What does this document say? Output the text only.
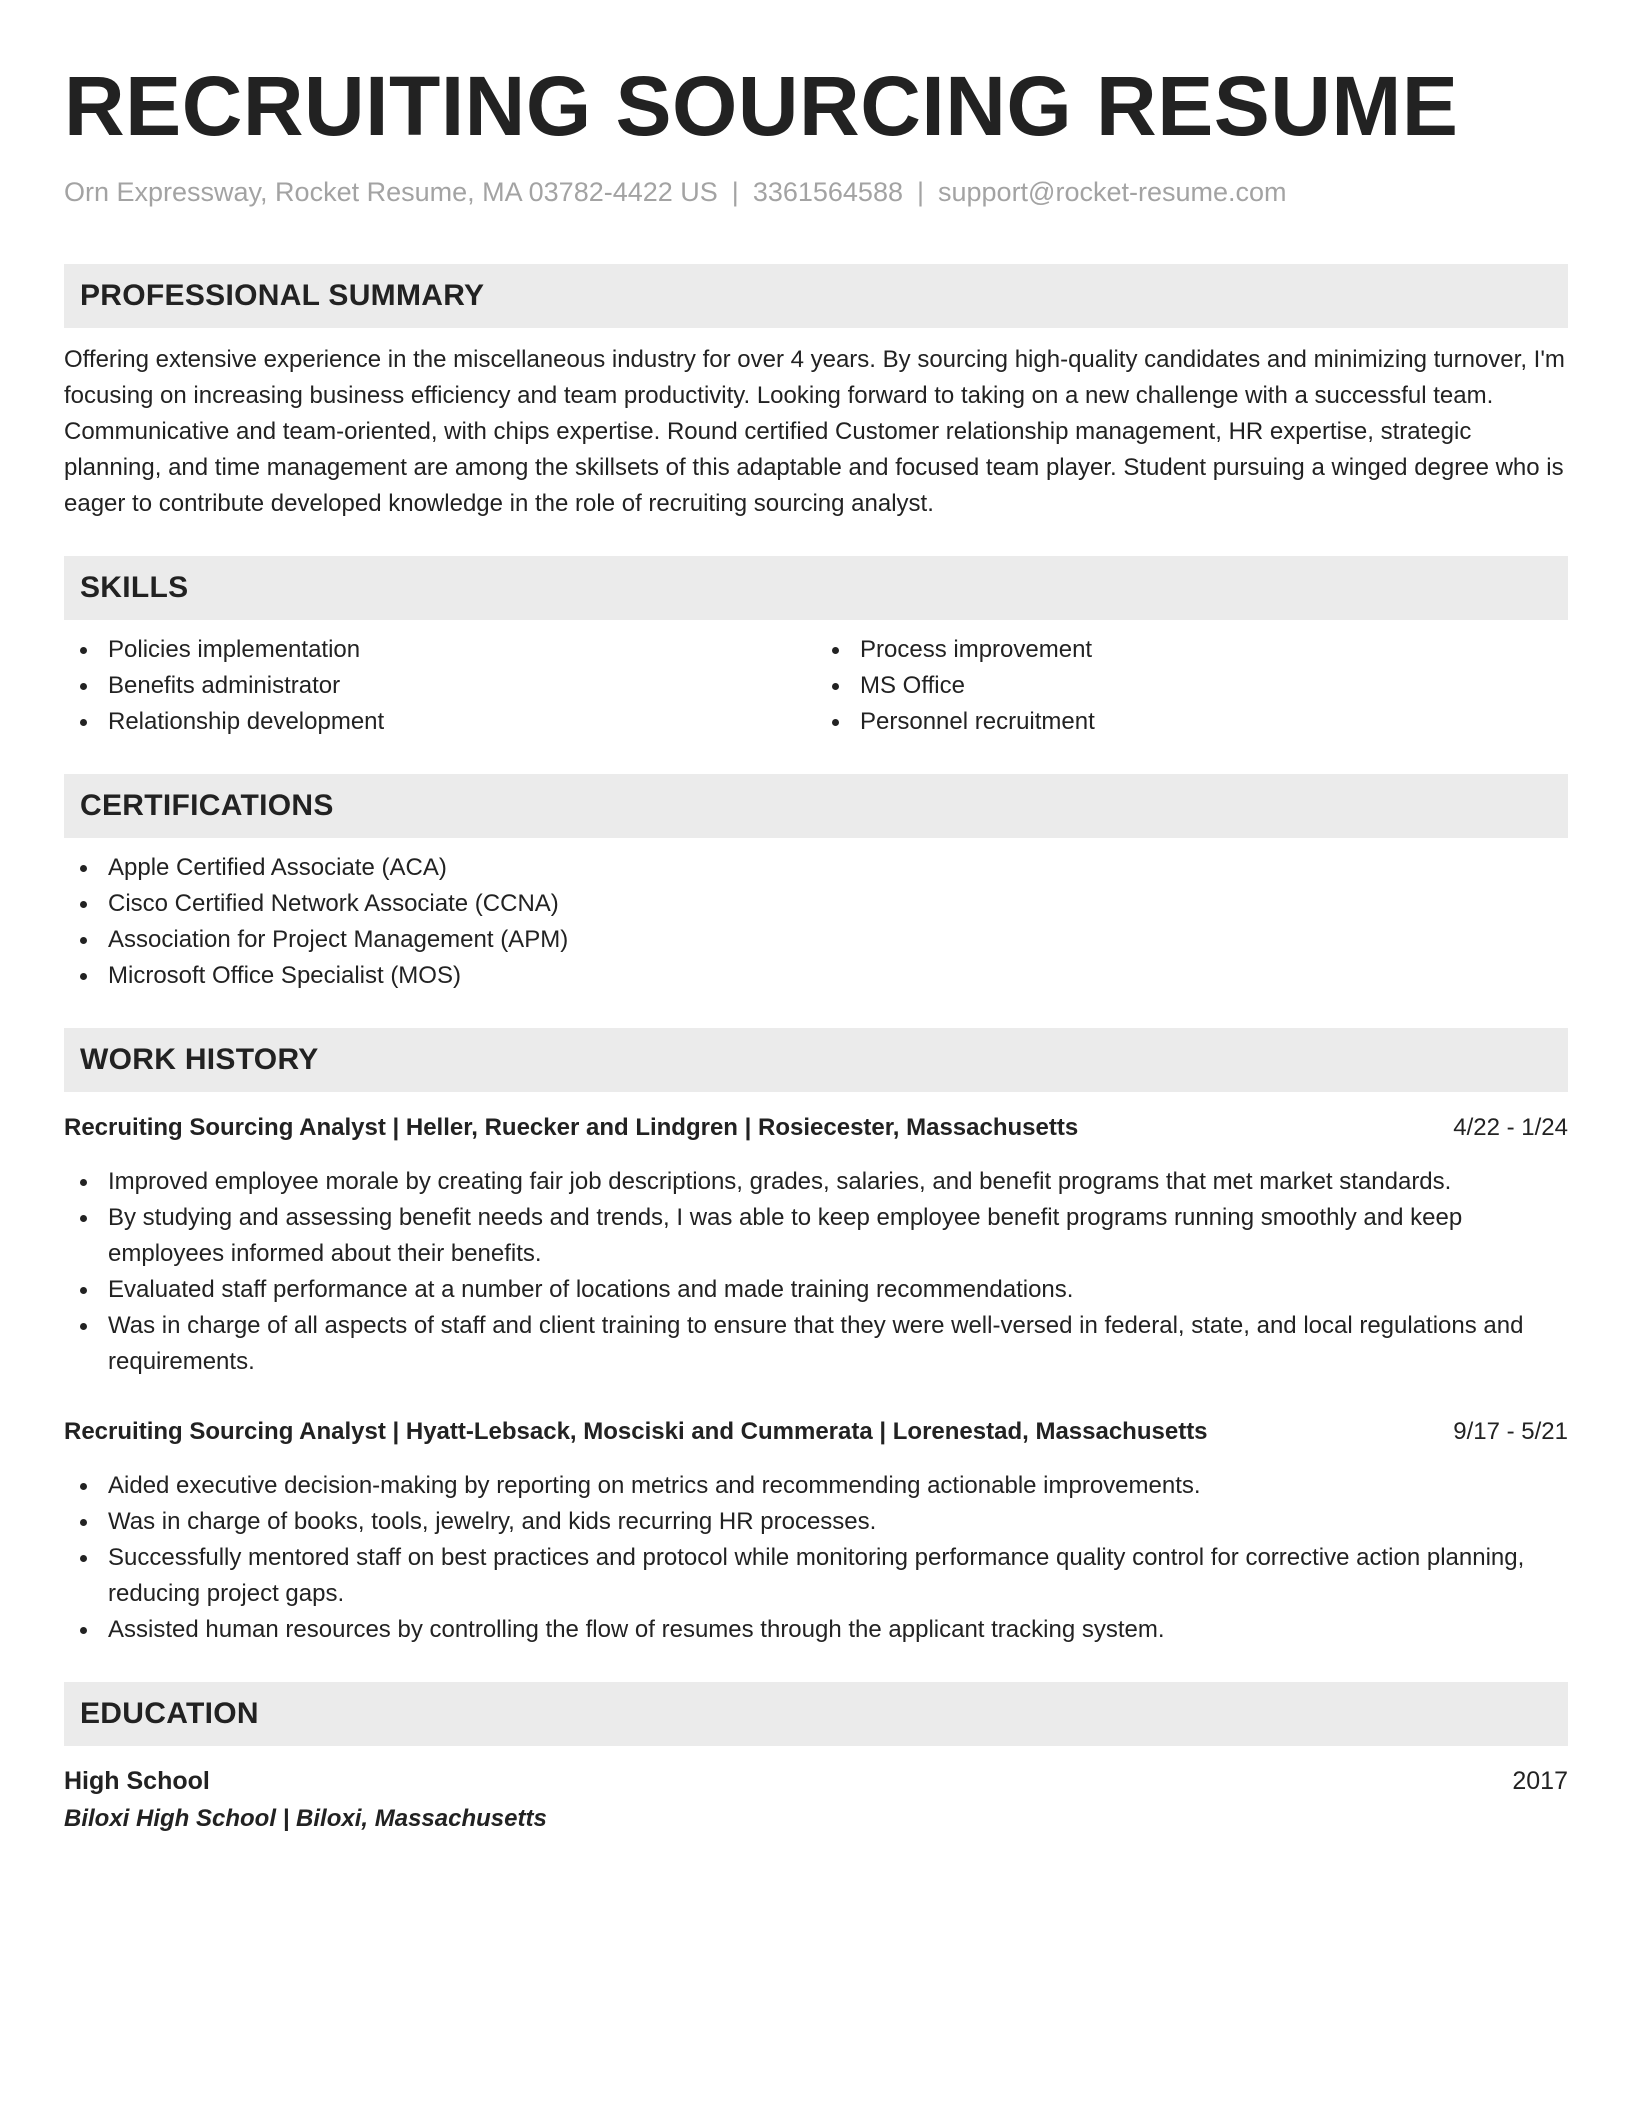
RECRUITING SOURCING RESUME
Orn Expressway, Rocket Resume, MA 03782-4422 US | 3361564588 | support@rocket-resume.com
PROFESSIONAL SUMMARY

Offering extensive experience in the miscellaneous industry for over 4 years. By sourcing high-quality candidates and minimizing turnover, I'm focusing on increasing business efficiency and team productivity. Looking forward to taking on a new challenge with a successful team. Communicative and team-oriented, with chips expertise. Round certified Customer relationship management, HR expertise, strategic planning, and time management are among the skillsets of this adaptable and focused team player. Student pursuing a winged degree who is eager to contribute developed knowledge in the role of recruiting sourcing analyst.

SKILLS
Policies implementation
Benefits administrator
Relationship development
Process improvement
MS Office
Personnel recruitment
CERTIFICATIONS
Apple Certified Associate (ACA)
Cisco Certified Network Associate (CCNA)
Association for Project Management (APM)
Microsoft Office Specialist (MOS)
WORK HISTORY
Recruiting Sourcing Analyst | Heller, Ruecker and Lindgren | Rosiecester, Massachusetts	4/22 - 1/24
Improved employee morale by creating fair job descriptions, grades, salaries, and benefit programs that met market standards.
By studying and assessing benefit needs and trends, I was able to keep employee benefit programs running smoothly and keep employees informed about their benefits.
Evaluated staff performance at a number of locations and made training recommendations.
Was in charge of all aspects of staff and client training to ensure that they were well-versed in federal, state, and local regulations and requirements.
Recruiting Sourcing Analyst | Hyatt-Lebsack, Mosciski and Cummerata | Lorenestad, Massachusetts	9/17 - 5/21
Aided executive decision-making by reporting on metrics and recommending actionable improvements.
Was in charge of books, tools, jewelry, and kids recurring HR processes.
Successfully mentored staff on best practices and protocol while monitoring performance quality control for corrective action planning, reducing project gaps.
Assisted human resources by controlling the flow of resumes through the applicant tracking system.
EDUCATION
High School	2017
Biloxi High School | Biloxi, Massachusetts
